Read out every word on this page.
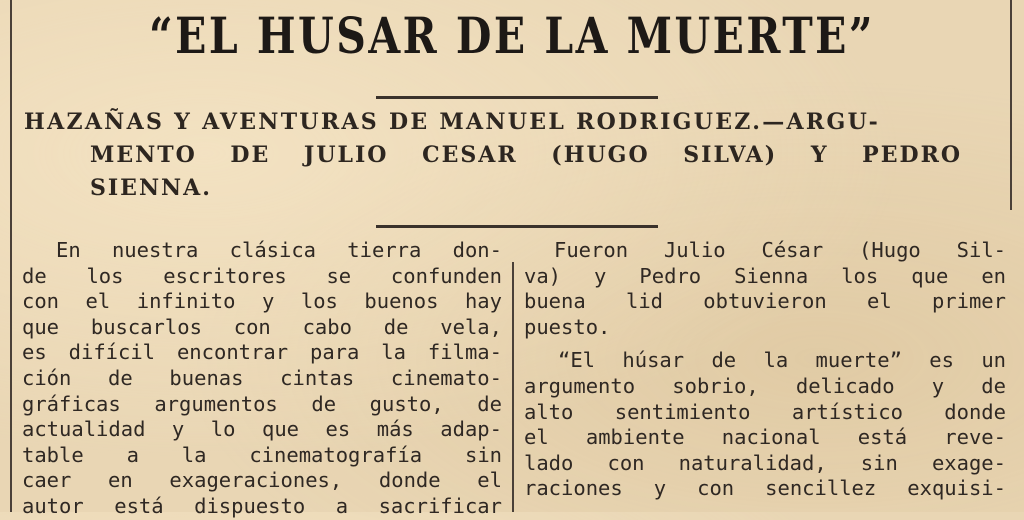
“EL HUSAR DE LA MUERTE”
HAZAÑAS Y AVENTURAS DE MANUEL RODRIGUEZ.—ARGU-
MENTO DE JULIO CESAR (HUGO SILVA) Y PEDRO
SIENNA.
En nuestra clásica tierra don-
de los escritores se confunden
con el infinito y los buenos hay
que buscarlos con cabo de vela,
es difícil encontrar para la filma-
ción de buenas cintas cinemato-
gráficas argumentos de gusto, de
actualidad y lo que es más adap-
table a la cinematografía sin
caer en exageraciones, donde el
autor está dispuesto a sacrificar
Fueron Julio César (Hugo Sil-
va) y Pedro Sienna los que en
buena lid obtuvieron el primer
puesto.
“El húsar de la muerte” es un
argumento sobrio, delicado y de
alto sentimiento artístico donde
el ambiente nacional está reve-
lado con naturalidad, sin exage-
raciones y con sencillez exquisi-
